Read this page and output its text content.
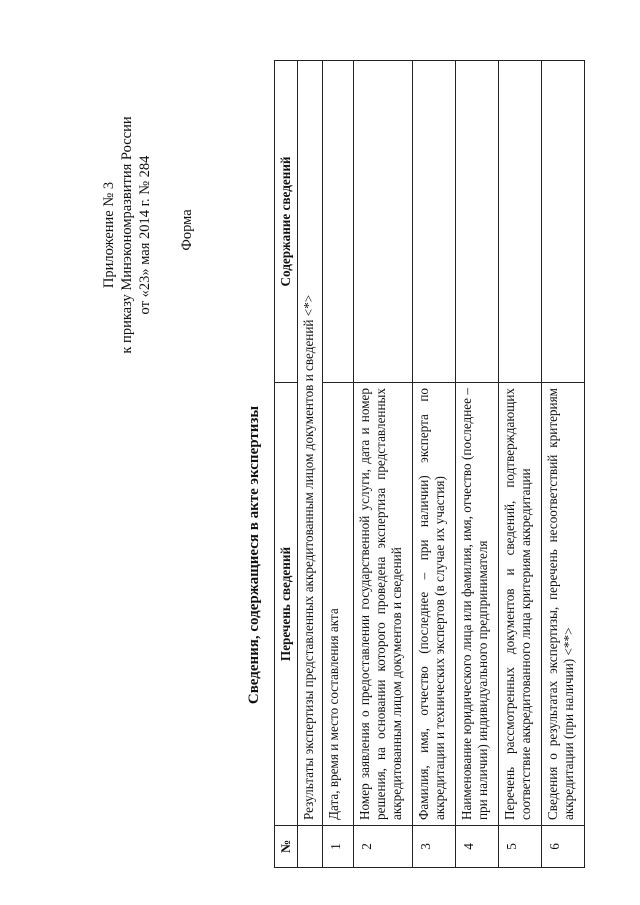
Приложение № 3 к приказу Минэкономразвития России от «23» мая 2014 г. № 284 Форма
Сведения, содержащиеся в акте экспертизы
№	Перечень сведений	Содержание сведений
	Результаты экспертизы представленных аккредитованным лицом документов и сведений <*>	
1	Дата, время и место составления акта	
2	Номер заявления о предоставлении государственной услуги, дата и номер решения, на основании которого проведена экспертиза представленных аккредитованным лицом документов и сведений	
3	Фамилия, имя, отчество (последнее – при наличии) эксперта по аккредитации и технических экспертов (в случае их участия)	
4	Наименование юридического лица или фамилия, имя, отчество (последнее – при наличии) индивидуального предпринимателя	
5	Перечень рассмотренных документов и сведений, подтверждающих соответствие аккредитованного лица критериям аккредитации	
6	Сведения о результатах экспертизы, перечень несоответствий критериям аккредитации (при наличии) <**>	
